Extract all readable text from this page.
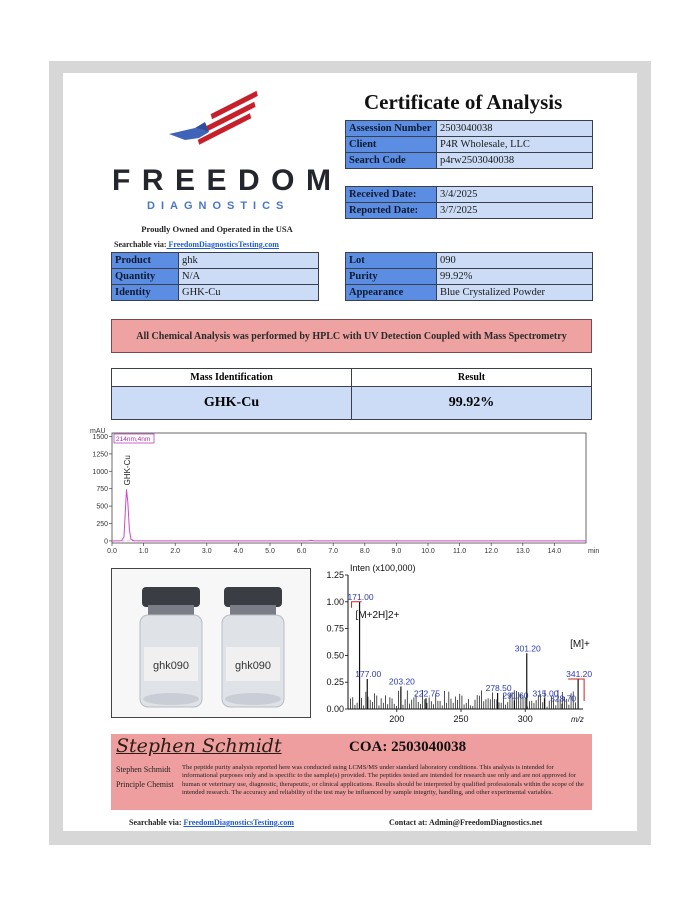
FREEDOM
DIAGNOSTICS
Proudly Owned and Operated in the USA
Searchable via: FreedomDiagnosticsTesting.com
Certificate of Analysis
Assession Number	2503040038
Client	P4R Wholesale, LLC
Search Code	p4rw2503040038
Received Date:	3/4/2025
Reported Date:	3/7/2025
Product	ghk
Quantity	N/A
Identity	GHK-Cu
Lot	090
Purity	99.92%
Appearance	Blue Crystalized Powder
All Chemical Analysis was performed by HPLC with UV Detection Coupled with Mass Spectrometry
Mass Identification	Result
GHK-Cu	99.92%
mAU
0
250
500
750
1000
1250
1500
0.0	1.0	2.0	3.0	4.0	5.0	6.0	7.0	8.0	9.0	10.0	11.0	12.0	13.0	14.0	min
214nm,4nm
GHK-Cu
ghk090	ghk090
Inten (x100,000)
0.00
0.25
0.50
0.75
1.00
1.25
200	250	300	m/z
171.00
177.00
203.20
222.75
278.50
291.60
301.20
315.00
328.70
341.20
[M+2H]2+
[M]+
Stephen Schmidt	COA: 2503040038
Stephen Schmidt
Principle Chemist
The peptide purity analysis reported here was conducted using LCMS/MS under standard laboratory conditions. This analysis is intended for informational purposes only and is specific to the sample(s) provided. The peptides tested are intended for research use only and are not approved for human or veterinary use, diagnostic, therapeutic, or clinical applications. Results should be interpreted by qualified professionals within the scope of the intended research. The accuracy and reliability of the test may be influenced by sample integrity, handling, and other experimental variables.
Searchable via: FreedomDiagnosticsTesting.com	Contact at: Admin@FreedomDiagnostics.net
